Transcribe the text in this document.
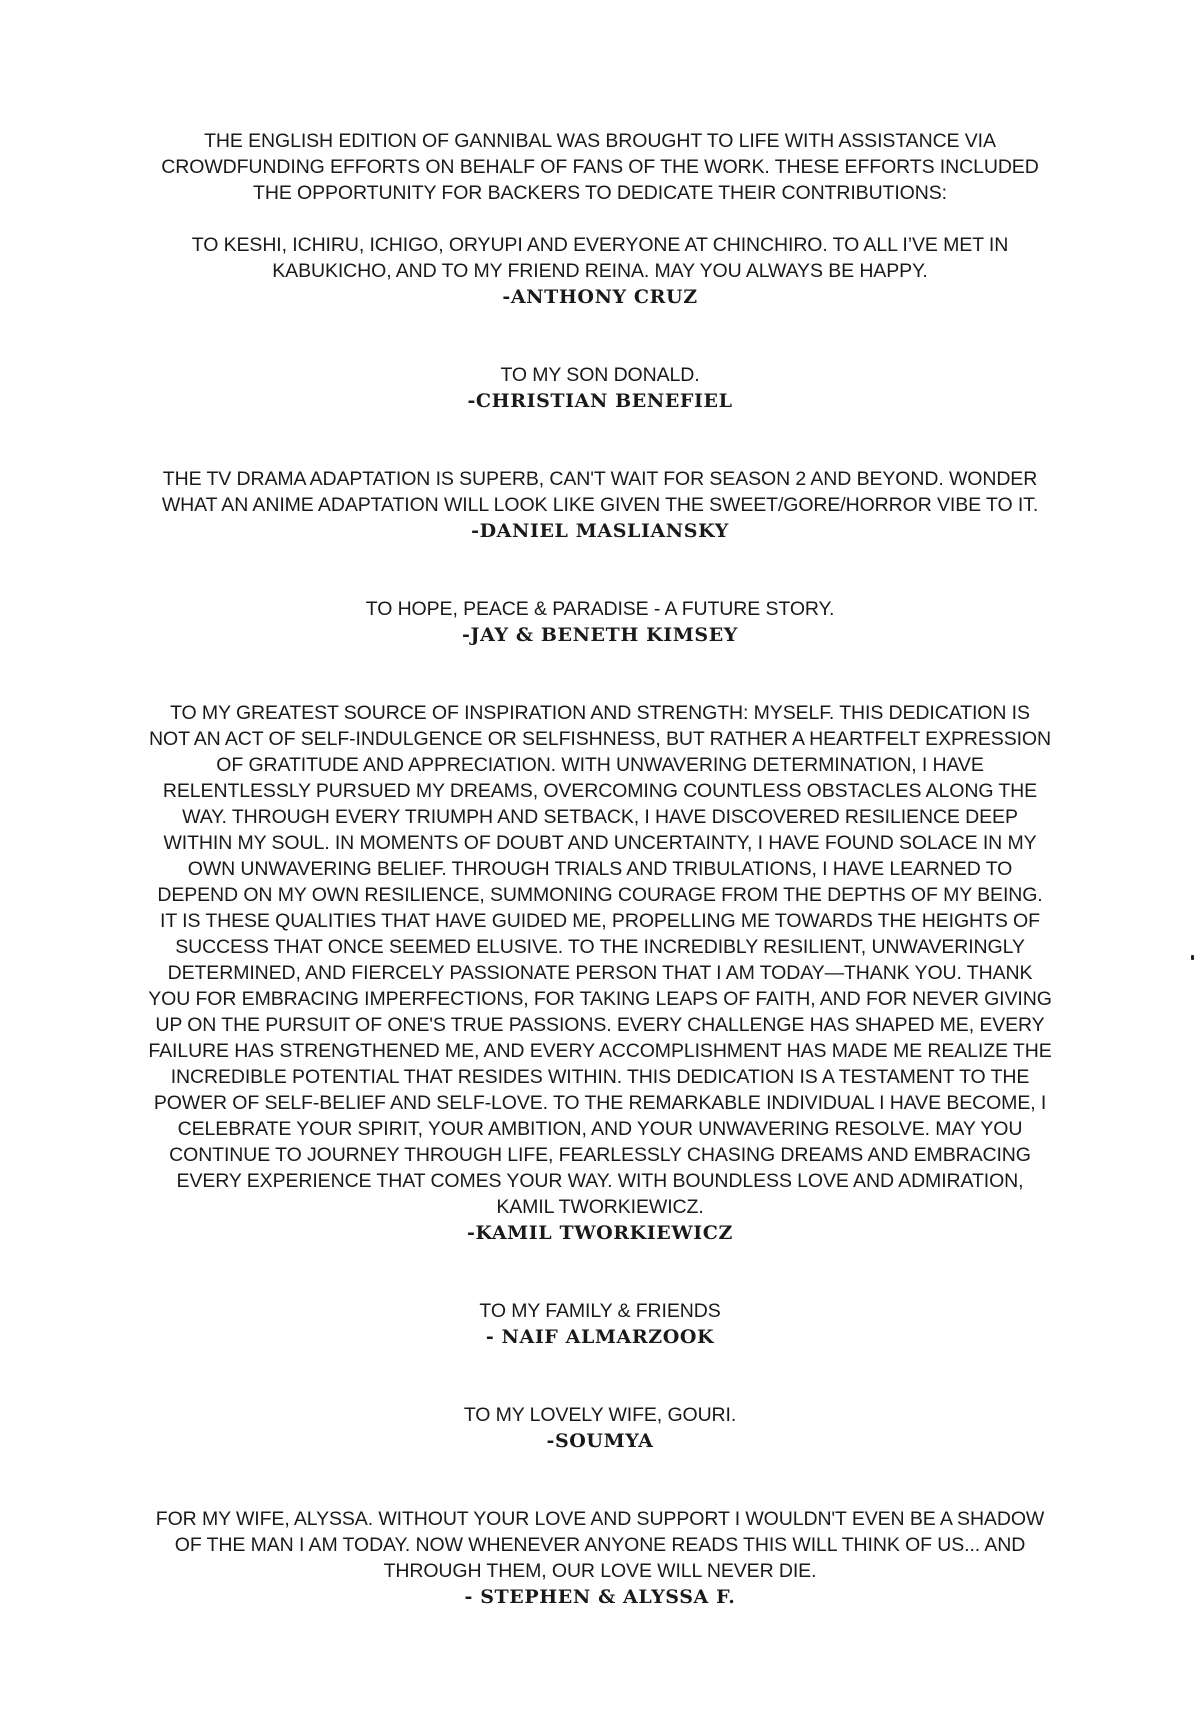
THE ENGLISH EDITION OF GANNIBAL WAS BROUGHT TO LIFE WITH ASSISTANCE VIA CROWDFUNDING EFFORTS ON BEHALF OF FANS OF THE WORK. THESE EFFORTS INCLUDED THE OPPORTUNITY FOR BACKERS TO DEDICATE THEIR CONTRIBUTIONS:

TO KESHI, ICHIRU, ICHIGO, ORYUPI AND EVERYONE AT CHINCHIRO. TO ALL I’VE MET IN KABUKICHO, AND TO MY FRIEND REINA. MAY YOU ALWAYS BE HAPPY.

-ANTHONY CRUZ

TO MY SON DONALD.

-CHRISTIAN BENEFIEL

THE TV DRAMA ADAPTATION IS SUPERB, CAN'T WAIT FOR SEASON 2 AND BEYOND. WONDER WHAT AN ANIME ADAPTATION WILL LOOK LIKE GIVEN THE SWEET/GORE/HORROR VIBE TO IT.

-DANIEL MASLIANSKY

TO HOPE, PEACE & PARADISE - A FUTURE STORY.

-JAY & BENETH KIMSEY

TO MY GREATEST SOURCE OF INSPIRATION AND STRENGTH: MYSELF. THIS DEDICATION IS NOT AN ACT OF SELF-INDULGENCE OR SELFISHNESS, BUT RATHER A HEARTFELT EXPRESSION OF GRATITUDE AND APPRECIATION. WITH UNWAVERING DETERMINATION, I HAVE RELENTLESSLY PURSUED MY DREAMS, OVERCOMING COUNTLESS OBSTACLES ALONG THE WAY. THROUGH EVERY TRIUMPH AND SETBACK, I HAVE DISCOVERED RESILIENCE DEEP WITHIN MY SOUL. IN MOMENTS OF DOUBT AND UNCERTAINTY, I HAVE FOUND SOLACE IN MY OWN UNWAVERING BELIEF. THROUGH TRIALS AND TRIBULATIONS, I HAVE LEARNED TO DEPEND ON MY OWN RESILIENCE, SUMMONING COURAGE FROM THE DEPTHS OF MY BEING. IT IS THESE QUALITIES THAT HAVE GUIDED ME, PROPELLING ME TOWARDS THE HEIGHTS OF SUCCESS THAT ONCE SEEMED ELUSIVE. TO THE INCREDIBLY RESILIENT, UNWAVERINGLY DETERMINED, AND FIERCELY PASSIONATE PERSON THAT I AM TODAY—THANK YOU. THANK YOU FOR EMBRACING IMPERFECTIONS, FOR TAKING LEAPS OF FAITH, AND FOR NEVER GIVING UP ON THE PURSUIT OF ONE'S TRUE PASSIONS. EVERY CHALLENGE HAS SHAPED ME, EVERY FAILURE HAS STRENGTHENED ME, AND EVERY ACCOMPLISHMENT HAS MADE ME REALIZE THE INCREDIBLE POTENTIAL THAT RESIDES WITHIN. THIS DEDICATION IS A TESTAMENT TO THE POWER OF SELF-BELIEF AND SELF-LOVE. TO THE REMARKABLE INDIVIDUAL I HAVE BECOME, I CELEBRATE YOUR SPIRIT, YOUR AMBITION, AND YOUR UNWAVERING RESOLVE. MAY YOU CONTINUE TO JOURNEY THROUGH LIFE, FEARLESSLY CHASING DREAMS AND EMBRACING EVERY EXPERIENCE THAT COMES YOUR WAY. WITH BOUNDLESS LOVE AND ADMIRATION, KAMIL TWORKIEWICZ.

-KAMIL TWORKIEWICZ

TO MY FAMILY & FRIENDS

- NAIF ALMARZOOK

TO MY LOVELY WIFE, GOURI.

-SOUMYA

FOR MY WIFE, ALYSSA. WITHOUT YOUR LOVE AND SUPPORT I WOULDN'T EVEN BE A SHADOW OF THE MAN I AM TODAY. NOW WHENEVER ANYONE READS THIS WILL THINK OF US... AND THROUGH THEM, OUR LOVE WILL NEVER DIE.

- STEPHEN & ALYSSA F.
